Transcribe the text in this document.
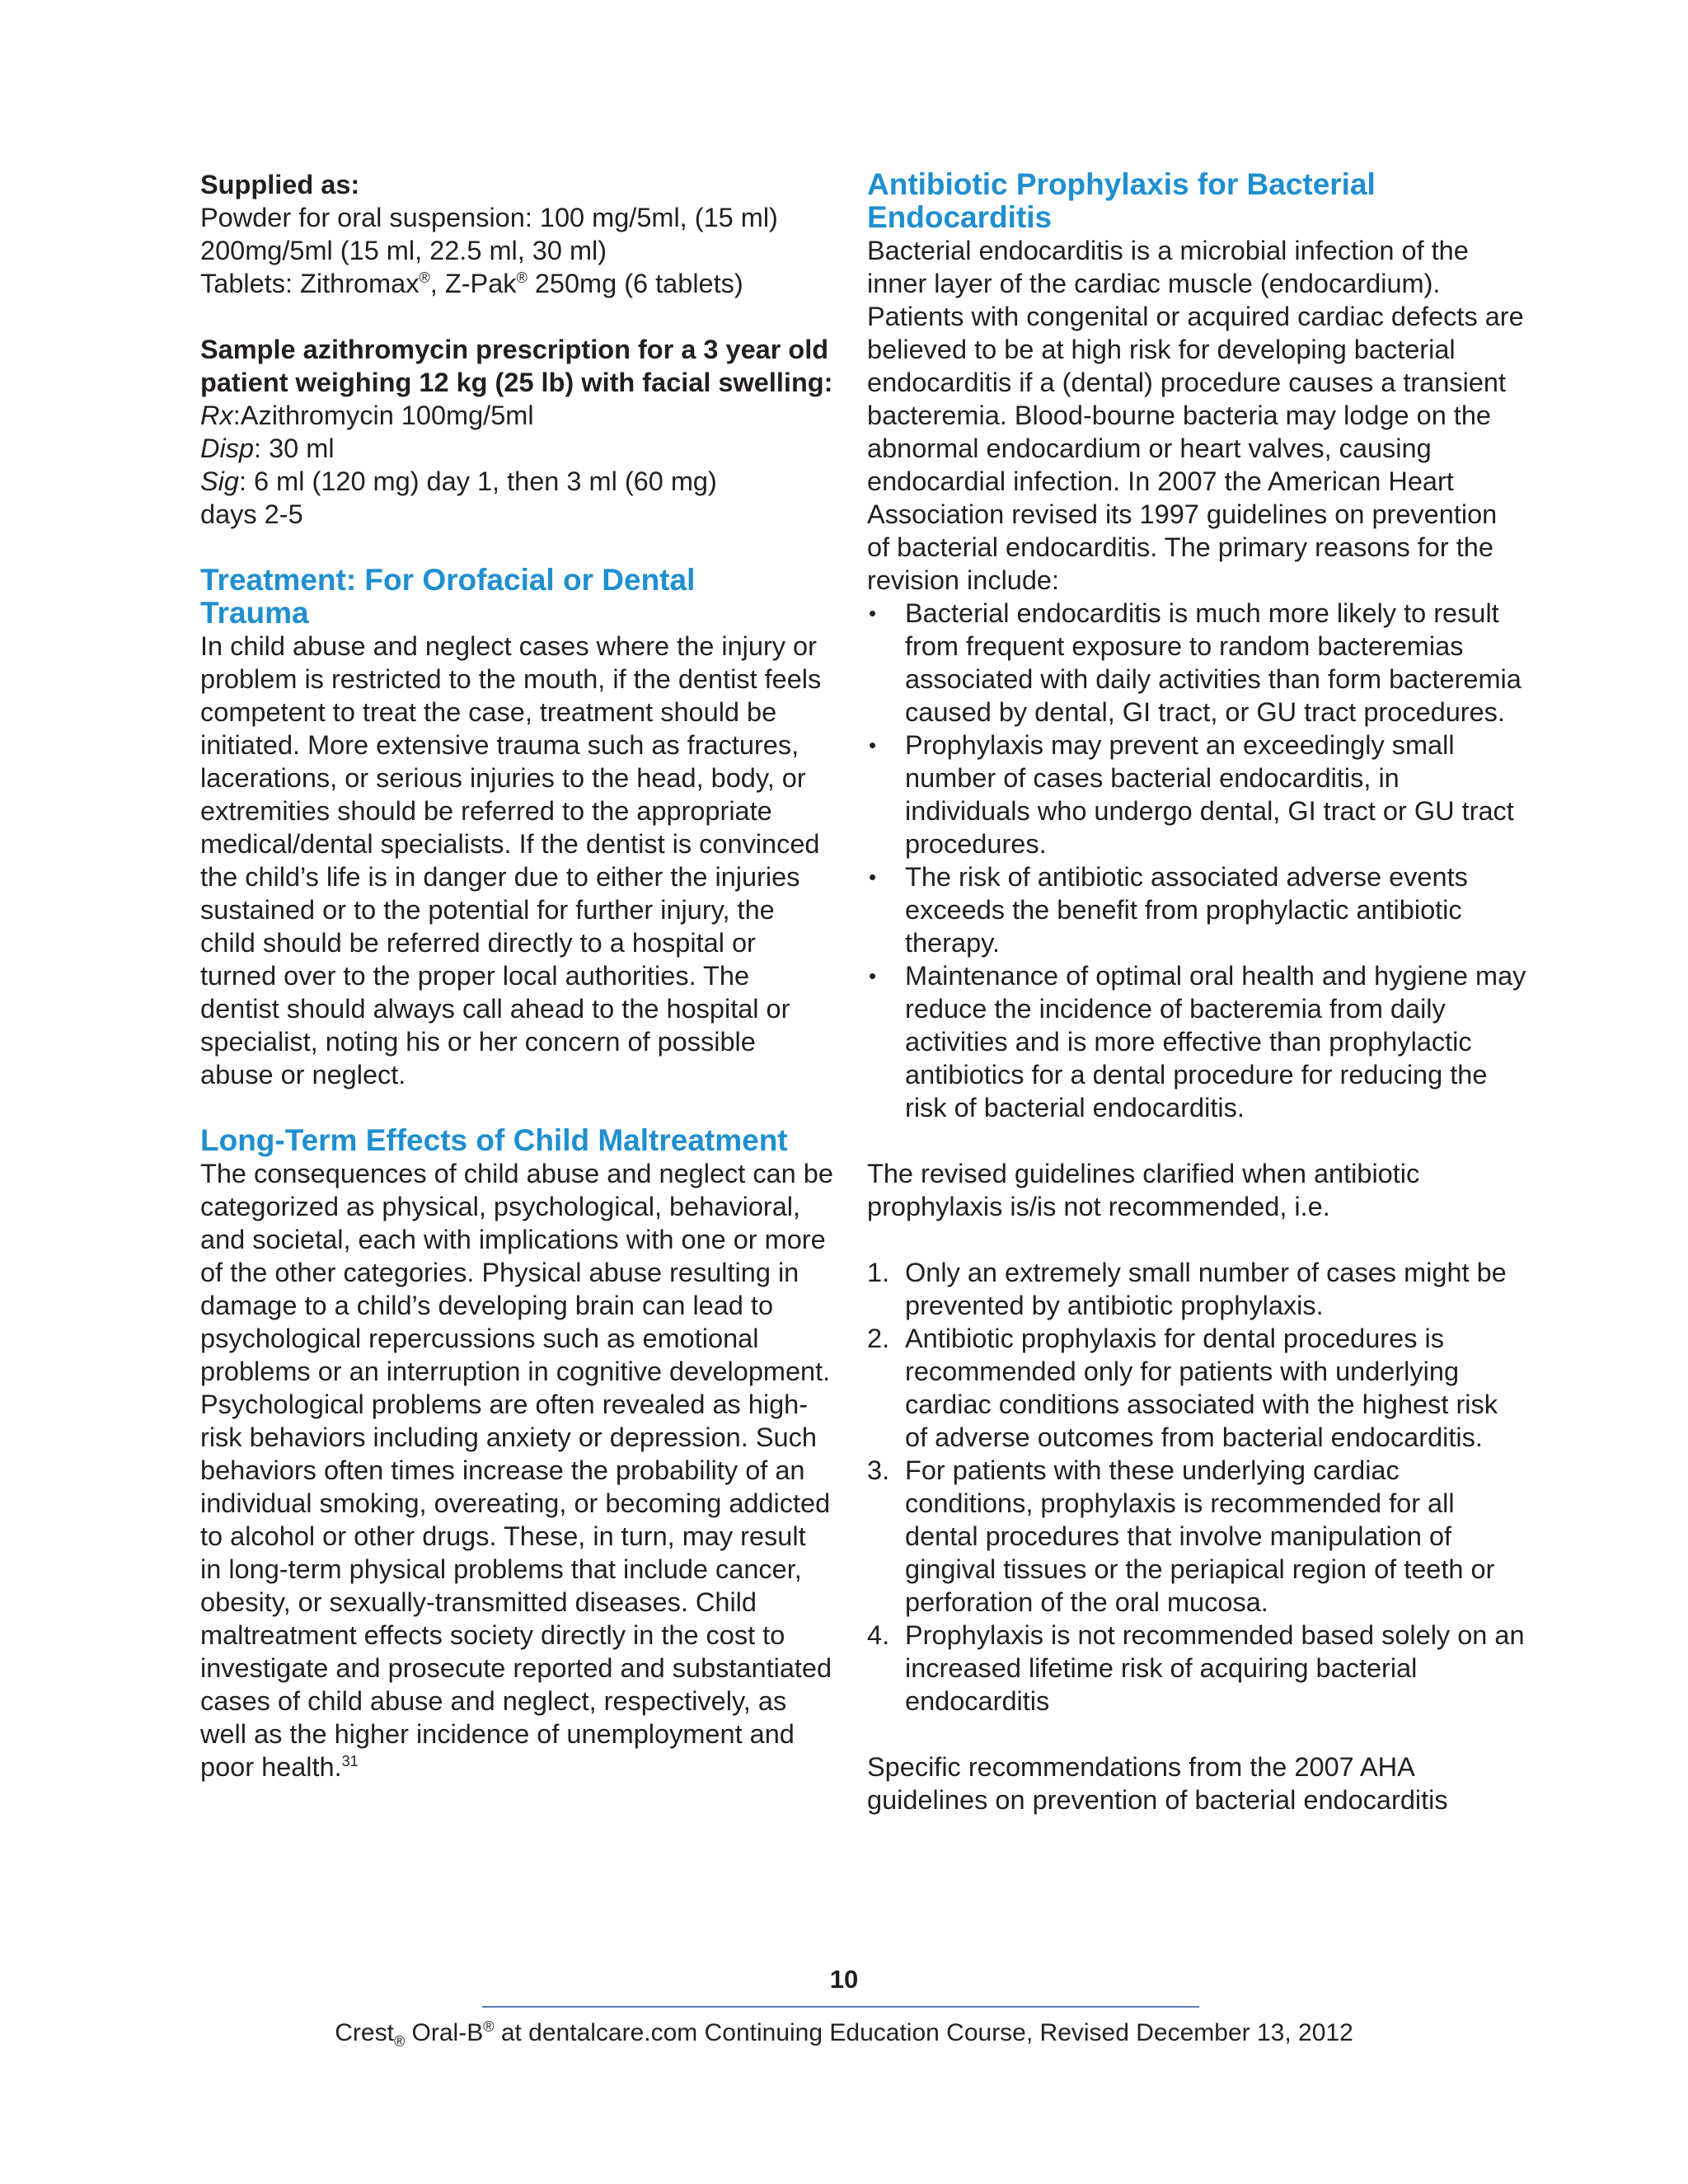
Supplied as:

Powder for oral suspension: 100 mg/5ml, (15 ml)

200mg/5ml (15 ml, 22.5 ml, 30 ml)

Tablets: Zithromax®, Z-Pak® 250mg (6 tablets)

Sample azithromycin prescription for a 3 year old patient weighing 12 kg (25 lb) with facial swelling:

Rx:Azithromycin 100mg/5ml

Disp: 30 ml

Sig: 6 ml (120 mg) day 1, then 3 ml (60 mg) days 2-5

Treatment: For Orofacial or Dental Trauma

In child abuse and neglect cases where the injury or problem is restricted to the mouth, if the dentist feels competent to treat the case, treatment should be initiated. More extensive trauma such as fractures, lacerations, or serious injuries to the head, body, or extremities should be referred to the appropriate medical/dental specialists. If the dentist is convinced the child’s life is in danger due to either the injuries sustained or to the potential for further injury, the child should be referred directly to a hospital or turned over to the proper local authorities. The dentist should always call ahead to the hospital or specialist, noting his or her concern of possible abuse or neglect.

Long-Term Effects of Child Maltreatment

The consequences of child abuse and neglect can be categorized as physical, psychological, behavioral, and societal, each with implications with one or more of the other categories. Physical abuse resulting in damage to a child’s developing brain can lead to psychological repercussions such as emotional problems or an interruption in cognitive development. Psychological problems are often revealed as high-risk behaviors including anxiety or depression. Such behaviors often times increase the probability of an individual smoking, overeating, or becoming addicted to alcohol or other drugs. These, in turn, may result in long-term physical problems that include cancer, obesity, or sexually-transmitted diseases. Child maltreatment effects society directly in the cost to investigate and prosecute reported and substantiated cases of child abuse and neglect, respectively, as well as the higher incidence of unemployment and poor health.$^{31}$

Antibiotic Prophylaxis for Bacterial Endocarditis

Bacterial endocarditis is a microbial infection of the inner layer of the cardiac muscle (endocardium). Patients with congenital or acquired cardiac defects are believed to be at high risk for developing bacterial endocarditis if a (dental) procedure causes a transient bacteremia. Blood-bourne bacteria may lodge on the abnormal endocardium or heart valves, causing endocardial infection. In 2007 the American Heart Association revised its 1997 guidelines on prevention of bacterial endocarditis. The primary reasons for the revision include:

• Bacterial endocarditis is much more likely to result from frequent exposure to random bacteremias associated with daily activities than form bacteremia caused by dental, GI tract, or GU tract procedures.
• Prophylaxis may prevent an exceedingly small number of cases bacterial endocarditis, in individuals who undergo dental, GI tract or GU tract procedures.
• The risk of antibiotic associated adverse events exceeds the benefit from prophylactic antibiotic therapy.
• Maintenance of optimal oral health and hygiene may reduce the incidence of bacteremia from daily activities and is more effective than prophylactic antibiotics for a dental procedure for reducing the risk of bacterial endocarditis.

The revised guidelines clarified when antibiotic prophylaxis is/is not recommended, i.e.

1. Only an extremely small number of cases might be prevented by antibiotic prophylaxis.
2. Antibiotic prophylaxis for dental procedures is recommended only for patients with underlying cardiac conditions associated with the highest risk of adverse outcomes from bacterial endocarditis.
3. For patients with these underlying cardiac conditions, prophylaxis is recommended for all dental procedures that involve manipulation of gingival tissues or the periapical region of teeth or perforation of the oral mucosa.
4. Prophylaxis is not recommended based solely on an increased lifetime risk of acquiring bacterial endocarditis

Specific recommendations from the 2007 AHA guidelines on prevention of bacterial endocarditis

10
Crest$_®$ Oral-B® at dentalcare.com Continuing Education Course, Revised December 13, 2012
